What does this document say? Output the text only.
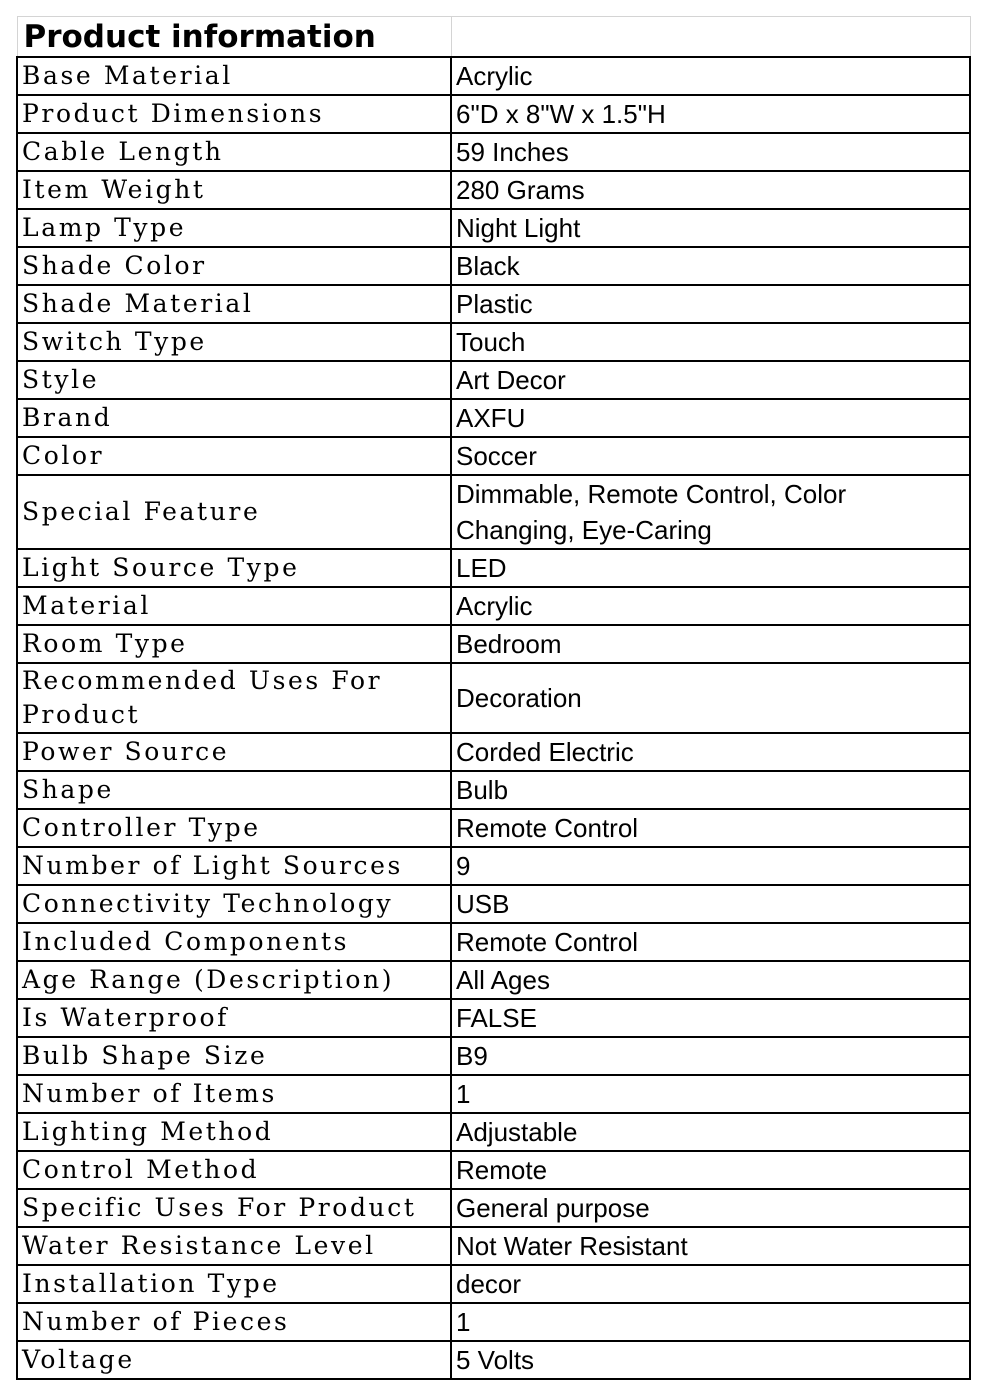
Product information	
Base Material	Acrylic
Product Dimensions	6"D x 8"W x 1.5"H
Cable Length	59 Inches
Item Weight	280 Grams
Lamp Type	Night Light
Shade Color	Black
Shade Material	Plastic
Switch Type	Touch
Style	Art Decor
Brand	AXFU
Color	Soccer
Special Feature	Dimmable, Remote Control, Color Changing, Eye-Caring
Light Source Type	LED
Material	Acrylic
Room Type	Bedroom
Recommended Uses For Product	Decoration
Power Source	Corded Electric
Shape	Bulb
Controller Type	Remote Control
Number of Light Sources	9
Connectivity Technology	USB
Included Components	Remote Control
Age Range (Description)	All Ages
Is Waterproof	FALSE
Bulb Shape Size	B9
Number of Items	1
Lighting Method	Adjustable
Control Method	Remote
Specific Uses For Product	General purpose
Water Resistance Level	Not Water Resistant
Installation Type	decor
Number of Pieces	1
Voltage	5 Volts
